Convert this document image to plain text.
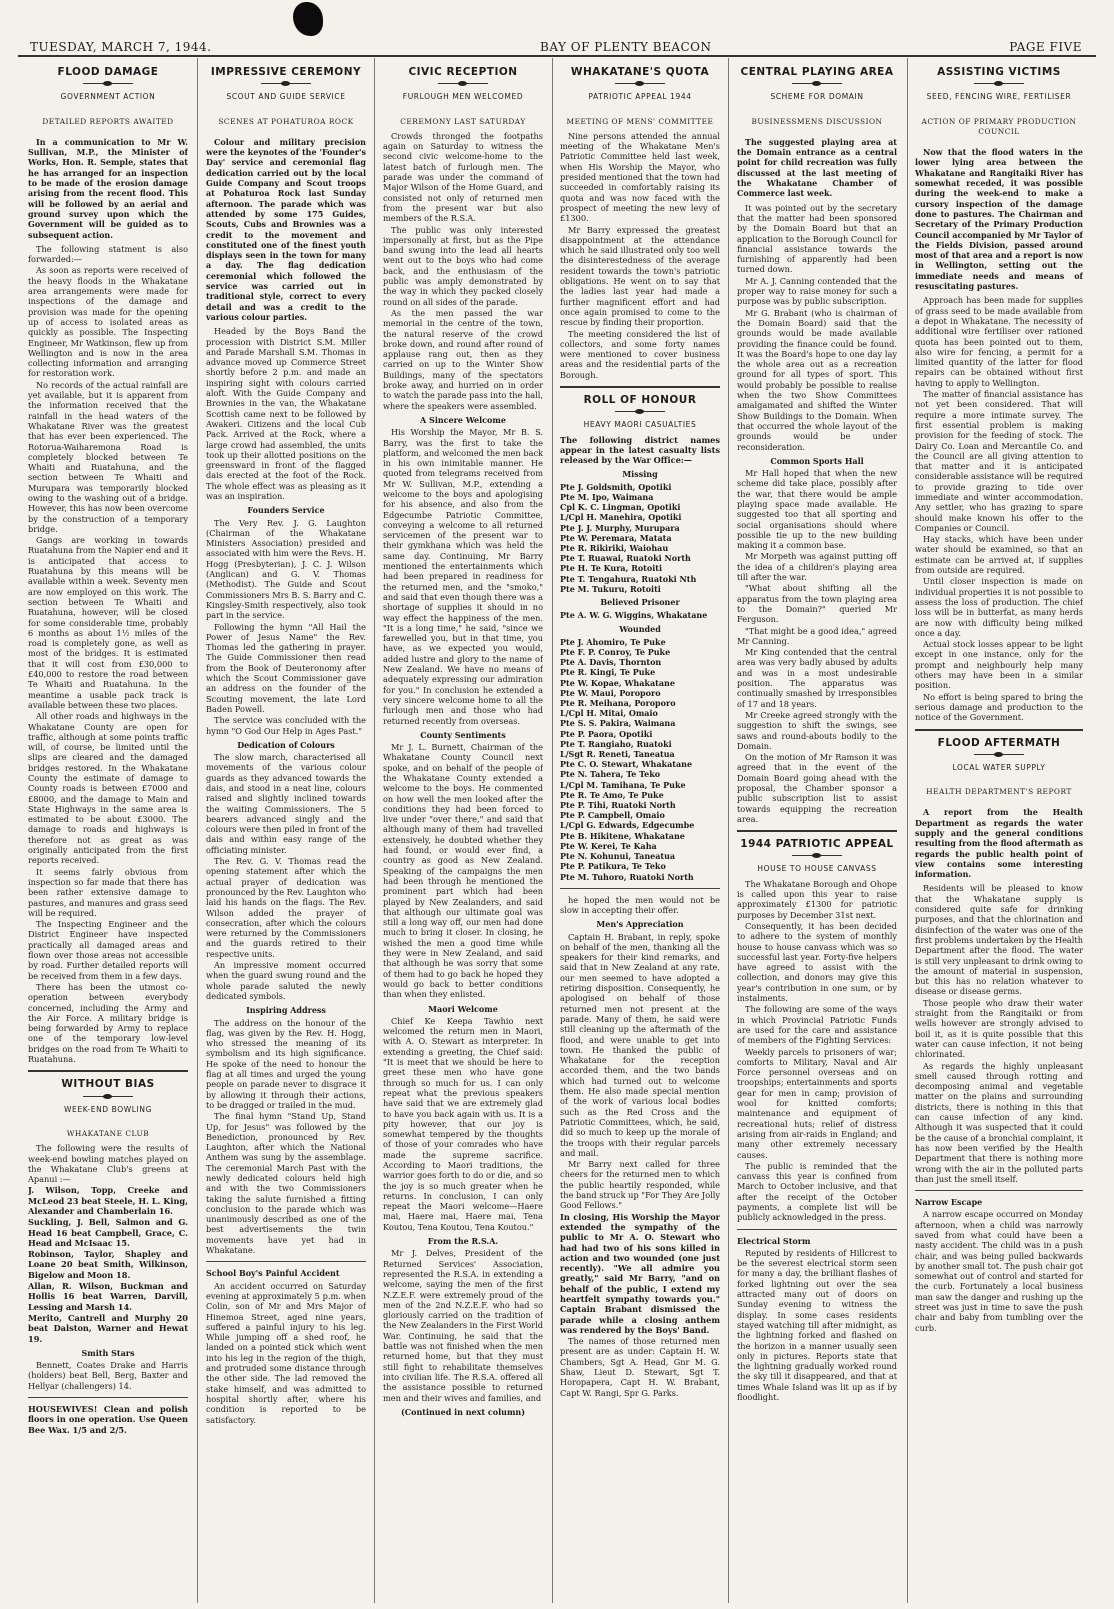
TUESDAY, MARCH 7, 1944.	BAY OF PLENTY BEACON	PAGE FIVE
FLOOD DAMAGE
GOVERNMENT ACTION
DETAILED REPORTS AWAITED

In a communication to Mr W. Sullivan, M.P., the Minister of Works, Hon. R. Semple, states that he has arranged for an inspection to be made of the erosion damage arising from the recent flood. This will be followed by an aerial and ground survey upon which the Government will be guided as to subsequent action.

The following statment is also forwarded:—

As soon as reports were received of the heavy floods in the Whakatane area arrangements were made for inspections of the damage and provision was made for the opening up of access to isolated areas as quickly as possible. The Inspecting Engineer, Mr Watkinson, flew up from Wellington and is now in the area collecting information and arranging for restoration work.

No records of the actual rainfall are yet available, but it is apparent from the information received that the rainfall in the head waters of the Whakatane River was the greatest that has ever been experienced. The Rotorua-Waiharemona Road is completely blocked between Te Whaiti and Ruatahuna, and the section between Te Whaiti and Murupara was temporarily blocked owing to the washing out of a bridge. However, this has now been overcome by the construction of a temporary bridge.

Gangs are working in towards Ruatahuna from the Napier end and it is anticipated that access to Ruatahuna by this means will be available within a week. Seventy men are now employed on this work. The section between Te Whaiti and Ruatahuna, however, will be closed for some considerable time, probably 6 months as about 1½ miles of the road is completely gone, as well as most of the bridges. It is estimated that it will cost from £30,000 to £40,000 to restore the road between Te Whaiti and Ruatahuna. In the meantime a usable pack track is available between these two places.

All other roads and highways in the Whakatane County are open for traffic, although at some points traffic will, of course, be limited until the slips are cleared and the damaged bridges restored. In the Whakatane County the estimate of damage to County roads is between £7000 and £8000, and the damage to Main and State Highways in the same area is estimated to be about £3000. The damage to roads and highways is therefore not as great as was originally anticipated from the first reports received.

It seems fairly obvious from inspection so far made that there has been rather extensive damage to pastures, and manures and grass seed will be required.

The Inspecting Engineer and the District Engineer have inspected practically all damaged areas and flown over those areas not accessible by road. Further detailed reports will be received from them in a few days.

There has been the utmost co-operation between everybody concerned, including the Army and the Air Force. A military bridge is being forwarded by Army to replace one of the temporary low-level bridges on the road from Te Whaiti to Ruatahuna.

WITHOUT BIAS
WEEK-END BOWLING
WHAKATANE CLUB

The following were the results of week-end bowling matches played on the Whakatane Club's greens at Apanui :—

J. Wilson, Topp, Creeke and McLeod 23 beat Steele, H. L. King, Alexander and Chamberlain 16.

Suckling, J. Bell, Salmon and G. Head 16 beat Campbell, Grace, C. Head and McIsaac 15.

Robinson, Taylor, Shapley and Loane 20 beat Smith, Wilkinson, Bigelow and Moon 18.

Allan, R. Wilson, Buckman and Hollis 16 beat Warren, Darvill, Lessing and Marsh 14.

Merito, Cantrell and Murphy 20 beat Dalston, Warner and Hewat 19.

Smith Stars

Bennett, Coates Drake and Harris (holders) beat Bell, Berg, Baxter and Hellyar (challengers) 14.

HOUSEWIVES! Clean and polish floors in one operation. Use Queen Bee Wax. 1/5 and 2/5.

IMPRESSIVE CEREMONY
SCOUT AND GUIDE SERVICE
SCENES AT POHATUROA ROCK

Colour and military precision were the keynotes of the 'Founder's Day' service and ceremonial flag dedication carried out by the local Guide Company and Scout troops at Pohaturoa Rock last Sunday afternoon. The parade which was attended by some 175 Guides, Scouts, Cubs and Brownies was a credit to the movement and constituted one of the finest youth displays seen in the town for many a day. The flag dedication ceremonial which followed the service was carried out in traditional style, correct to every detail and was a credit to the various colour parties.

Headed by the Boys Band the procession with District S.M. Miller and Parade Marshall S.M. Thomas in advance moved up Commerce Street shortly before 2 p.m. and made an inspiring sight with colours carried aloft. With the Guide Company and Brownies in the van, the Whakatane Scottish came next to be followed by Awakeri. Citizens and the local Cub Pack. Arrived at the Rock, where a large crowd had assembled, the units took up their allotted positions on the greensward in front of the flagged dais erected at the foot of the Rock. The whole effect was as pleasing as it was an inspiration.

Founders Service

The Very Rev. J. G. Laughton (Chairman of the Whakatane Ministers Association) presided and associated with him were the Revs. H. Hogg (Presbyterian), J. C. J. Wilson (Anglican) and G. V. Thomas (Methodist). The Guide and Scout Commissioners Mrs B. S. Barry and C. Kingsley-Smith respectively, also took part in the service.

Following the hymn "All Hail the Power of Jesus Name" the Rev. Thomas led the gathering in prayer. The Guide Commissioner then read from the Book of Deuteronomy after which the Scout Commissioner gave an address on the founder of the Scouting movement, the late Lord Baden Powell.

The service was concluded with the hymn "O God Our Help in Ages Past."

Dedication of Colours

The slow march, characterised all movements of the various colour guards as they advanced towards the dais, and stood in a neat line, colours raised and slightly inclined towards the waiting Commissioners. The 5 bearers advanced singly and the colours were then piled in front of the dais and within easy range of the officiating minister.

The Rev. G. V. Thomas read the opening statement after which the actual prayer of dedication was pronounced by the Rev. Laughton who laid his hands on the flags. The Rev. Wilson added the prayer of consecration, after which the colours were returned by the Commissioners and the guards retired to their respective units.

An impressive moment occurred when the guard swung round and the whole parade saluted the newly dedicated symbols.

Inspiring Address

The address on the honour of the flag, was given by the Rev. H. Hogg, who stressed the meaning of its symbolism and its high significance. He spoke of the need to honour the flag at all times and urged the young people on parade never to disgrace it by allowing it through their actions, to be dragged or trailed in the mud.

The final hymn "Stand Up, Stand Up, for Jesus" was followed by the Benediction, pronounced by Rev. Laughton, after which the National Anthem was sung by the assemblage. The ceremonial March Past with the newly dedicated colours held high and with the two Commissioners taking the salute furnished a fitting conclusion to the parade which was unanimously described as one of the best advertisements the twin movements have yet had in Whakatane.

School Boy's Painful Accident

An accident occurred on Saturday evening at approximately 5 p.m. when Colin, son of Mr and Mrs Major of Hinemoa Street, aged nine years, suffered a painful injury to his leg. While jumping off a shed roof, he landed on a pointed stick which went into his leg in the region of the thigh, and protruded some distance through the other side. The lad removed the stake himself, and was admitted to hospital shortly after, where his condition is reported to be satisfactory.

CIVIC RECEPTION
FURLOUGH MEN WELCOMED
CEREMONY LAST SATURDAY

Crowds thronged the footpaths again on Saturday to witness the second civic welcome-home to the latest batch of furlough men. The parade was under the command of Major Wilson of the Home Guard, and consisted not only of returned men from the present war but also members of the R.S.A.

The public was only interested impersonally at first, but as the Pipe band swung into the lead all hearts went out to the boys who had come back, and the enthusiasm of the public was amply demonstrated by the way in which they packed closely round on all sides of the parade.

As the men passed the war memorial in the centre of the town, the natural reserve of the crowd broke down, and round after round of applause rang out, then as they carried on up to the Winter Show Buildings, many of the spectators broke away, and hurried on in order to watch the parade pass into the hall, where the speakers were assembled.

A Sincere Welcome

His Worship the Mayor, Mr B. S. Barry, was the first to take the platform, and welcomed the men back in his own inimitable manner. He quoted from telegrams received from Mr W. Sullivan, M.P., extending a welcome to the boys and apologising for his absence, and also from the Edgecumbe Patriotic Committee, conveying a welcome to all returned servicemen of the present war to their gymkhana which was held the same day. Continuing, Mr Barry mentioned the entertainments which had been prepared in readiness for the returned men, and the "smoko," and said that even though there was a shortage of supplies it should in no way effect the happiness of the men. "It is a long time," he said, "since we farewelled you, but in that time, you have, as we expected you would, added lustre and glory to the name of New Zealand. We have no means of adequately expressing our admiration for you." In conclusion he extended a very sincere welcome home to all the furlough men and those who had returned recently from overseas.

County Sentiments

Mr J. L. Burnett, Chairman of the Whakatane County Council next spoke, and on behalf of the people of the Whakatane County extended a welcome to the boys. He commented on how well the men looked after the conditions they had been forced to live under "over there," and said that although many of them had travelled extensively, he doubted whether they had found, or would ever find, a country as good as New Zealand. Speaking of the campaigns the men had been through he mentioned the prominent part which had been played by New Zealanders, and said that although our ultimate goal was still a long way off, our men had done much to bring it closer. In closing, he wished the men a good time while they were in New Zealand, and said that although he was sorry that some of them had to go back he hoped they would go back to better conditions than when they enlisted.

Maori Welcome

Chief Ke Keepa Tawhio next welcomed the return men in Maori, with A. O. Stewart as interpreter. In extending a greeting, the Chief said: "It is meet that we should be here to greet these men who have gone through so much for us. I can only repeat what the previous speakers have said that we are extremely glad to have you back again with us. It is a pity however, that our joy is somewhat tempered by the thoughts of those of your comrades who have made the supreme sacrifice. According to Maori traditions, the warrior goes forth to do or die, and so the joy is so much greater when he returns. In conclusion, I can only repeat the Maori welcome—Haere mai, Haere mai, Haere mai, Tena Koutou, Tena Koutou, Tena Koutou."

From the R.S.A.

Mr J. Delves, President of the Returned Services' Association, represented the R.S.A. in extending a welcome, saying the men of the first N.Z.E.F. were extremely proud of the men of the 2nd N.Z.E.F. who had so gloriously carried on the tradition of the New Zealanders in the First World War. Continuing, he said that the battle was not finished when the men returned home, but that they must still fight to rehabilitate themselves into civilian life. The R.S.A. offered all the assistance possible to returned men and their wives and families, and

(Continued in next column)
WHAKATANE'S QUOTA
PATRIOTIC APPEAL 1944
MEETING OF MENS' COMMITTEE

Nine persons attended the annual meeting of the Whakatane Men's Patriotic Committee held last week, when His Worship the Mayor, who presided mentioned that the town had succeeded in comfortably raising its quota and was now faced with the prospect of meeting the new levy of £1300.

Mr Barry expressed the greatest disappointment at the attendance which he said illustrated only too well the disinterestedness of the average resident towards the town's patriotic obligations. He went on to say that the ladies last year had made a further magnificent effort and had once again promised to come to the rescue by finding their proportion.

The meeting considered the list of collectors, and some forty names were mentioned to cover business areas and the residential parts of the Borough.

ROLL OF HONOUR
HEAVY MAORI CASUALTIES

The following district names appear in the latest casualty lists released by the War Office:—

Missing
Pte J. Goldsmith, Opotiki
Pte M. Ipo, Waimana
Cpl K. C. Lingman, Opotiki
L/Cpl H. Manehira, Opotiki
Pte J. J. Murphy, Murupara
Pte W. Peremara, Matata
Pte R. Rikiriki, Waiohau
Pte T. Ruawai, Ruatoki North
Pte H. Te Kura, Rotoiti
Pte T. Tengahura, Ruatoki Nth
Pte M. Tukuru, Rotoiti
Believed Prisoner
Pte A. W. G. Wiggins, Whakatane
Wounded
Pte J. Ahomiro, Te Puke
Pte F. P. Conroy, Te Puke
Pte A. Davis, Thornton
Pte R. Kingi, Te Puke
Pte W. Kopae, Whakatane
Pte W. Maui, Poroporo
Pte R. Meihana, Poroporo
L/Cpl H. Mitai, Omaio
Pte S. S. Pakira, Waimana
Pte P. Paora, Opotiki
Pte T. Rangiaho, Ruatoki
L/Sgt R. Reneti, Taneatua
Pte C. O. Stewart, Whakatane
Pte N. Tahera, Te Teko
L/Cpl M. Tamihana, Te Puke
Pte R. Te Amo, Te Puke
Pte P. Tihi, Ruatoki North
Pte P. Campbell, Omaio
L/Cpl G. Edwards, Edgecumbe
Pte B. Hikitene, Whakatane
Pte W. Kerei, Te Kaha
Pte N. Kohunui, Taneatua
Pte P. Patikura, Te Teko
Pte M. Tuhoro, Ruatoki North

he hoped the men would not be slow in accepting their offer.

Men's Appreciation

Captain H. Brabant, in reply, spoke on behalf of the men, thanking all the speakers for their kind remarks, and said that in New Zealand at any rate, our men seemed to have adopted a retiring disposition. Consequently, he apologised on behalf of those returned men not present at the parade. Many of them, he said were still cleaning up the aftermath of the flood, and were unable to get into town. He thanked the public of Whakatane for the reception accorded them, and the two bands which had turned out to welcome them. He also made special mention of the work of various local bodies such as the Red Cross and the Patriotic Committees, which, he said, did so much to keep up the morale of the troops with their regular parcels and mail.

Mr Barry next called for three cheers for the returned men to which the public heartily responded, while the band struck up "For They Are Jolly Good Fellows."

In closing, His Worship the Mayor extended the sympathy of the public to Mr A. O. Stewart who had had two of his sons killed in action and two wounded (one just recently). "We all admire you greatly," said Mr Barry, "and on behalf of the public, I extend my heartfelt sympathy towards you." Captain Brabant dismissed the parade while a closing anthem was rendered by the Boys' Band.

The names of those returned men present are as under: Captain H. W. Chambers, Sgt A. Head, Gnr M. G. Shaw, Lieut D. Stewart, Sgt T. Horopapera, Capt H. W. Brabant, Capt W. Rangi, Spr G. Parks.

CENTRAL PLAYING AREA
SCHEME FOR DOMAIN
BUSINESSMENS DISCUSSION

The suggested playing area at the Domain entrance as a central point for child recreation was fully discussed at the last meeting of the Whakatane Chamber of Commerce last week.

It was pointed out by the secretary that the matter had been sponsored by the Domain Board but that an application to the Borough Council for financial assistance towards the furnishing of apparently had been turned down.

Mr A. J. Canning contended that the proper way to raise money for such a purpose was by public subscription.

Mr G. Brabant (who is chairman of the Domain Board) said that the grounds would be made available providing the finance could be found. It was the Board's hope to one day lay the whole area out as a recreation ground for all types of sport. This would probably be possible to realise when the two Show Committees amalgamated and shifted the Winter Show Buildings to the Domain. When that occurred the whole layout of the grounds would be under reconsideration.

Common Sports Hall

Mr Hall hoped that when the new scheme did take place, possibly after the war, that there would be ample playing space made available. He suggested too that all sporting and social organisations should where possible tie up to the new building making it a common base.

Mr Morpeth was against putting off the idea of a children's playing area till after the war.

"What about shifting all the apparatus from the town playing area to the Domain?" queried Mr Ferguson.

"That might be a good idea," agreed Mr Canning.

Mr King contended that the central area was very badly abused by adults and was in a most undesirable position. The apparatus was continually smashed by irresponsibles of 17 and 18 years.

Mr Creeke agreed strongly with the suggestion to shift the swings, see saws and round-abouts bodily to the Domain.

On the motion of Mr Ramson it was agreed that in the event of the Domain Board going ahead with the proposal, the Chamber sponsor a public subscription list to assist towards equipping the recreation area.

1944 PATRIOTIC APPEAL
HOUSE TO HOUSE CANVASS

The Whakatane Borough and Ohope is called upon this year to raise approximately £1300 for patriotic purposes by December 31st next.

Consequently, it has been decided to adhere to the system of monthly house to house canvass which was so successful last year. Forty-five helpers have agreed to assist with the collection, and donors may give this year's contribution in one sum, or by instalments.

The following are some of the ways in which Provincial Patriotic Funds are used for the care and assistance of members of the Fighting Services:

Weekly parcels to prisoners of war; comforts to Military, Naval and Air Force personnel overseas and on troopships; entertainments and sports gear for men in camp; provision of wool for knitted comforts; maintenance and equipment of recreational huts; relief of distress arising from air-raids in England; and many other extremely necessary causes.

The public is reminded that the canvass this year is confined from March to October inclusive, and that after the receipt of the October payments, a complete list will be publicly acknowledged in the press.

Electrical Storm

Reputed by residents of Hillcrest to be the severest electrical storm seen for many a day, the brilliant flashes of forked lightning out over the sea attracted many out of doors on Sunday evening to witness the display. In some cases residents stayed watching till after midnight, as the lightning forked and flashed on the horizon in a manner usually seen only in pictures. Reports state that the lightning gradually worked round the sky till it disappeared, and that at times Whale Island was lit up as if by floodlight.

ASSISTING VICTIMS
SEED, FENCING WIRE, FERTILISER
ACTION OF PRIMARY PRODUCTION COUNCIL

Now that the flood waters in the lower lying area between the Whakatane and Rangitaiki River has somewhat receded, it was possible during the week-end to make a cursory inspection of the damage done to pastures. The Chairman and Secretary of the Primary Production Council accompanied by Mr Taylor of the Fields Division, passed around most of that area and a report is now in Wellington, setting out the immediate needs and means of resuscitating pastures.

Approach has been made for supplies of grass seed to be made available from a depot in Whakatane. The necessity of additional wire fertiliser over rationed quota has been pointed out to them, also wire for fencing, a permit for a limited quantity of the latter for flood repairs can be obtained without first having to apply to Wellington.

The matter of financial assistance has not yet been considered. That will require a more intimate survey. The first essential problem is making provision for the feeding of stock. The Dairy Co. Loan and Mercantile Co. and the Council are all giving attention to that matter and it is anticipated considerable assistance will be required to provide grazing to tide over immediate and winter accommodation. Any settler, who has grazing to spare should make known his offer to the Companies or Council.

Hay stacks, which have been under water should be examined, so that an estimate can be arrived at, if supplies from outside are required.

Until closer inspection is made on individual properties it is not possible to assess the loss of production. The chief loss will be in butterfat, as many herds are now with difficulty being milked once a day.

Actual stock losses appear to be light except in one instance, only for the prompt and neighbourly help many others may have been in a similar position.

No effort is being spared to bring the serious damage and production to the notice of the Government.

FLOOD AFTERMATH
LOCAL WATER SUPPLY
HEALTH DEPARTMENT'S REPORT

A report from the Health Department as regards the water supply and the general conditions resulting from the flood aftermath as regards the public health point of view contains some interesting information.

Residents will be pleased to know that the Whakatane supply is considered quite safe for drinking purposes, and that the chlorination and disinfection of the water was one of the first problems undertaken by the Health Department after the flood. The water is still very unpleasant to drink owing to the amount of material in suspension, but this has no relation whatever to disease or disease germs.

Those people who draw their water straight from the Rangitaiki or from wells however are strongly advised to boil it, as it is quite possible that this water can cause infection, it not being chlorinated.

As regards the highly unpleasant smell caused through rotting and decomposing animal and vegetable matter on the plains and surrounding districts, there is nothing in this that can cause infection of any kind. Although it was suspected that it could be the cause of a bronchial complaint, it has now been verified by the Health Department that there is nothing more wrong with the air in the polluted parts than just the smell itself.

Narrow Escape

A narrow escape occurred on Monday afternoon, when a child was narrowly saved from what could have been a nasty accident. The child was in a push chair, and was being pulled backwards by another small tot. The push chair got somewhat out of control and started for the curb. Fortunately a local business man saw the danger and rushing up the street was just in time to save the push chair and baby from tumbling over the curb.
